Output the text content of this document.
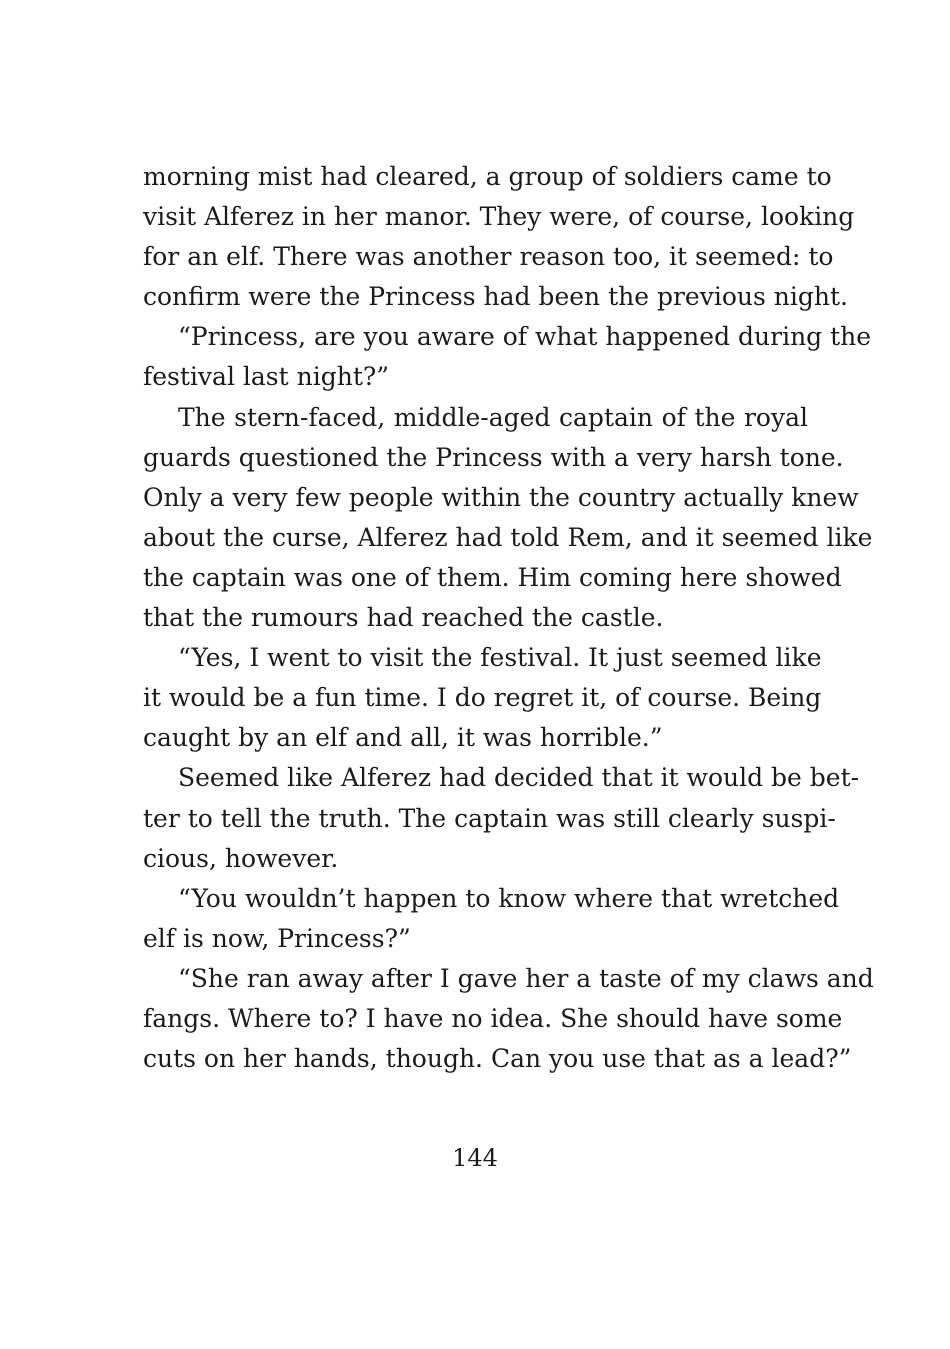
morning mist had cleared, a group of soldiers came to
visit Alferez in her manor. They were, of course, looking
for an elf. There was another reason too, it seemed: to
confirm were the Princess had been the previous night.

“Princess, are you aware of what happened during the
festival last night?”

The stern-faced, middle-aged captain of the royal
guards questioned the Princess with a very harsh tone.
Only a very few people within the country actually knew
about the curse, Alferez had told Rem, and it seemed like
the captain was one of them. Him coming here showed
that the rumours had reached the castle.

“Yes, I went to visit the festival. It just seemed like
it would be a fun time. I do regret it, of course. Being
caught by an elf and all, it was horrible.”

Seemed like Alferez had decided that it would be bet-
ter to tell the truth. The captain was still clearly suspi-
cious, however.

“You wouldn’t happen to know where that wretched
elf is now, Princess?”

“She ran away after I gave her a taste of my claws and
fangs. Where to? I have no idea. She should have some
cuts on her hands, though. Can you use that as a lead?”

144
